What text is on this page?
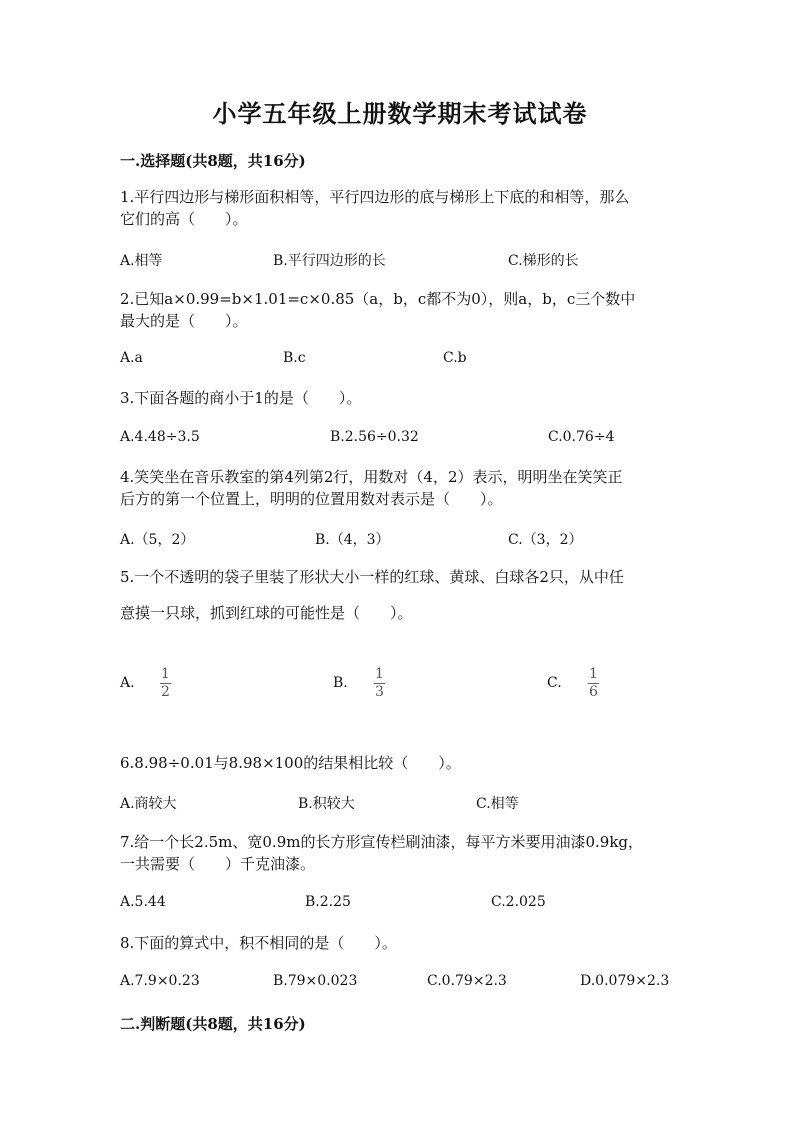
小学五年级上册数学期末考试试卷
一.选择题(共8题，共16分)
1.平行四边形与梯形面积相等，平行四边形的底与梯形上下底的和相等，那么
它们的高（　　）。
A.相等	B.平行四边形的长	C.梯形的长
2.已知a×0.99=b×1.01=c×0.85（a，b，c都不为0），则a，b，c三个数中
最大的是（　　）。
A.a	B.c	C.b
3.下面各题的商小于1的是（　　）。
A.4.48÷3.5	B.2.56÷0.32	C.0.76÷4
4.笑笑坐在音乐教室的第4列第2行，用数对（4，2）表示，明明坐在笑笑正
后方的第一个位置上，明明的位置用数对表示是（　　）。
A.（5，2）	B.（4，3）	C.（3，2）
5.一个不透明的袋子里装了形状大小一样的红球、黄球、白球各2只，从中任
意摸一只球，抓到红球的可能性是（　　）。
A.
1
2
B.
1
3
C.
1
6
6.8.98÷0.01与8.98×100的结果相比较（　　）。
A.商较大	B.积较大	C.相等
7.给一个长2.5m、宽0.9m的长方形宣传栏刷油漆，每平方米要用油漆0.9kg，
一共需要（　　）千克油漆。
A.5.44	B.2.25	C.2.025
8.下面的算式中，积不相同的是（　　）。
A.7.9×0.23	B.79×0.023	C.0.79×2.3	D.0.079×2.3
二.判断题(共8题，共16分)
